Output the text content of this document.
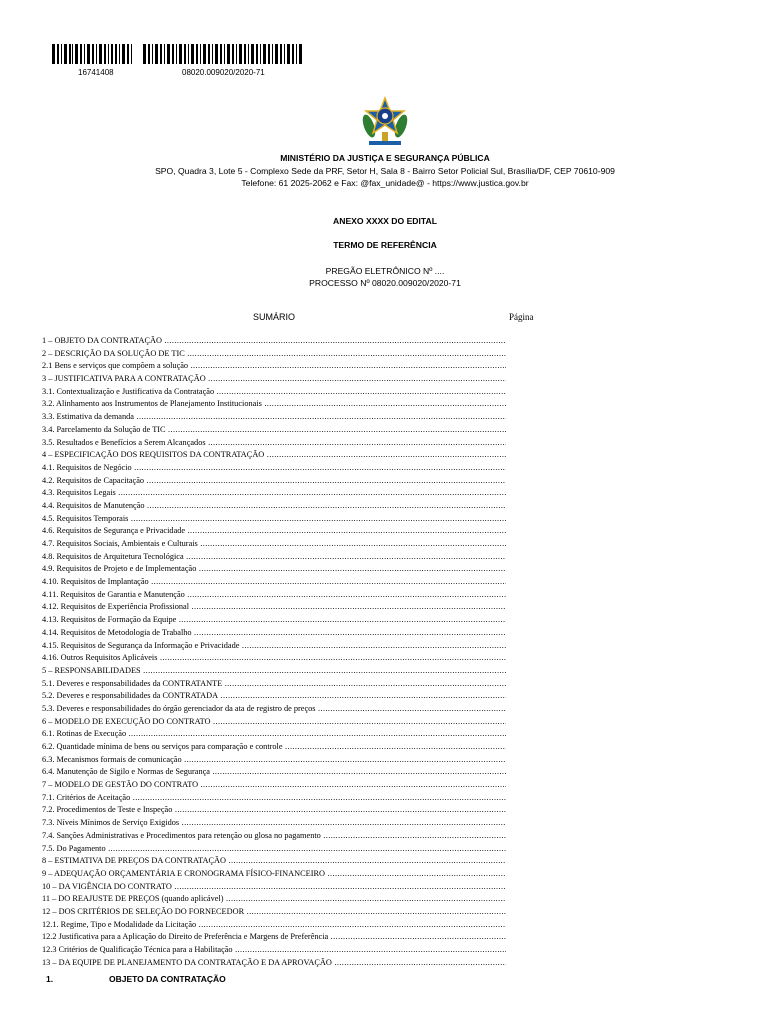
16741408	08020.009020/2020-71
MINISTÉRIO DA JUSTIÇA E SEGURANÇA PÚBLICA
SPO, Quadra 3, Lote 5 - Complexo Sede da PRF, Setor H, Sala 8 - Bairro Setor Policial Sul, Brasília/DF, CEP 70610-909
Telefone: 61 2025-2062 e Fax: @fax_unidade@ - https://www.justica.gov.br
ANEXO XXXX DO EDITAL
TERMO DE REFERÊNCIA
PREGÃO ELETRÔNICO Nº ....
PROCESSO Nº 08020.009020/2020-71
SUMÁRIO	Página
1 – OBJETO DA CONTRATAÇÃO .....
2 – DESCRIÇÃO DA SOLUÇÃO DE TIC .....
2.1 Bens e serviços que compõem a solução .....
3 – JUSTIFICATIVA PARA A CONTRATAÇÃO .....
3.1. Contextualização e Justificativa da Contratação .....
3.2. Alinhamento aos Instrumentos de Planejamento Institucionais .....
3.3. Estimativa da demanda .....
3.4. Parcelamento da Solução de TIC .....
3.5. Resultados e Benefícios a Serem Alcançados .....
4 – ESPECIFICAÇÃO DOS REQUISITOS DA CONTRATAÇÃO .....
4.1. Requisitos de Negócio .....
4.2. Requisitos de Capacitação .....
4.3. Requisitos Legais .....
4.4. Requisitos de Manutenção .....
4.5. Requisitos Temporais .....
4.6. Requisitos de Segurança e Privacidade .....
4.7. Requisitos Sociais, Ambientais e Culturais .....
4.8. Requisitos de Arquitetura Tecnológica .....
4.9. Requisitos de Projeto e de Implementação .....
4.10. Requisitos de Implantação .....
4.11. Requisitos de Garantia e Manutenção .....
4.12. Requisitos de Experiência Profissional .....
4.13. Requisitos de Formação da Equipe .....
4.14. Requisitos de Metodologia de Trabalho .....
4.15. Requisitos de Segurança da Informação e Privacidade .....
4.16. Outros Requisitos Aplicáveis .....
5 – RESPONSABILIDADES .....
5.1. Deveres e responsabilidades da CONTRATANTE .....
5.2. Deveres e responsabilidades da CONTRATADA .....
5.3. Deveres e responsabilidades do órgão gerenciador da ata de registro de preços .....
6 – MODELO DE EXECUÇÃO DO CONTRATO .....
6.1. Rotinas de Execução .....
6.2. Quantidade mínima de bens ou serviços para comparação e controle .....
6.3. Mecanismos formais de comunicação .....
6.4. Manutenção de Sigilo e Normas de Segurança .....
7 – MODELO DE GESTÃO DO CONTRATO .....
7.1. Critérios de Aceitação .....
7.2. Procedimentos de Teste e Inspeção .....
7.3. Níveis Mínimos de Serviço Exigidos .....
7.4. Sanções Administrativas e Procedimentos para retenção ou glosa no pagamento .....
7.5. Do Pagamento .....
8 – ESTIMATIVA DE PREÇOS DA CONTRATAÇÃO .....
9 – ADEQUAÇÃO ORÇAMENTÁRIA E CRONOGRAMA FÍSICO-FINANCEIRO .....
10 – DA VIGÊNCIA DO CONTRATO .....
11 – DO REAJUSTE DE PREÇOS (quando aplicável) .....
12 – DOS CRITÉRIOS DE SELEÇÃO DO FORNECEDOR .....
12.1. Regime, Tipo e Modalidade da Licitação .....
12.2 Justificativa para a Aplicação do Direito de Preferência e Margens de Preferência .....
12.3 Critérios de Qualificação Técnica para a Habilitação .....
13 – DA EQUIPE DE PLANEJAMENTO DA CONTRATAÇÃO E DA APROVAÇÃO .....
1.	OBJETO DA CONTRATAÇÃO
